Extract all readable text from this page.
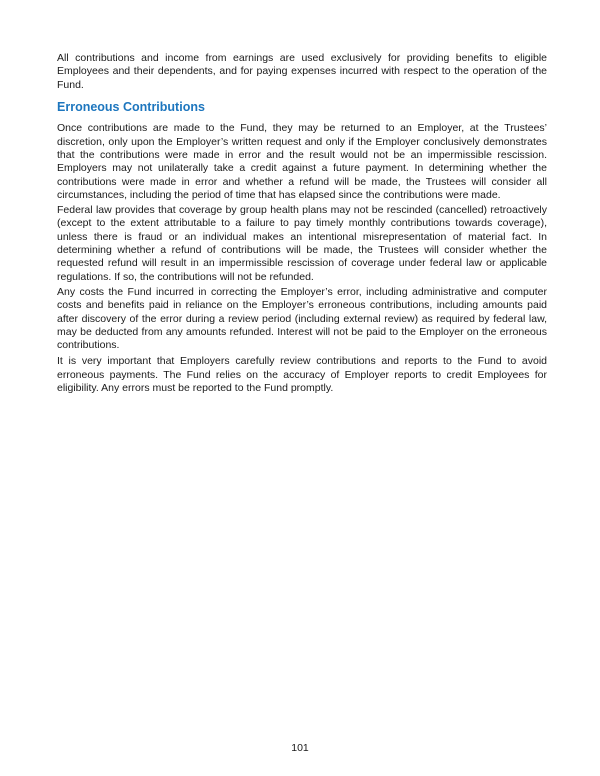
All contributions and income from earnings are used exclusively for providing benefits to eligible Employees and their dependents, and for paying expenses incurred with respect to the operation of the Fund.

Erroneous Contributions

Once contributions are made to the Fund, they may be returned to an Employer, at the Trustees’ discretion, only upon the Employer’s written request and only if the Employer conclusively demonstrates that the contributions were made in error and the result would not be an impermissible rescission. Employers may not unilaterally take a credit against a future payment. In determining whether the contributions were made in error and whether a refund will be made, the Trustees will consider all circumstances, including the period of time that has elapsed since the contributions were made.

Federal law provides that coverage by group health plans may not be rescinded (cancelled) retroactively (except to the extent attributable to a failure to pay timely monthly contributions towards coverage), unless there is fraud or an individual makes an intentional misrepresentation of material fact. In determining whether a refund of contributions will be made, the Trustees will consider whether the requested refund will result in an impermissible rescission of coverage under federal law or applicable regulations. If so, the contributions will not be refunded.

Any costs the Fund incurred in correcting the Employer’s error, including administrative and computer costs and benefits paid in reliance on the Employer’s erroneous contributions, including amounts paid after discovery of the error during a review period (including external review) as required by federal law, may be deducted from any amounts refunded. Interest will not be paid to the Employer on the erroneous contributions.

It is very important that Employers carefully review contributions and reports to the Fund to avoid erroneous payments. The Fund relies on the accuracy of Employer reports to credit Employees for eligibility. Any errors must be reported to the Fund promptly.

101
